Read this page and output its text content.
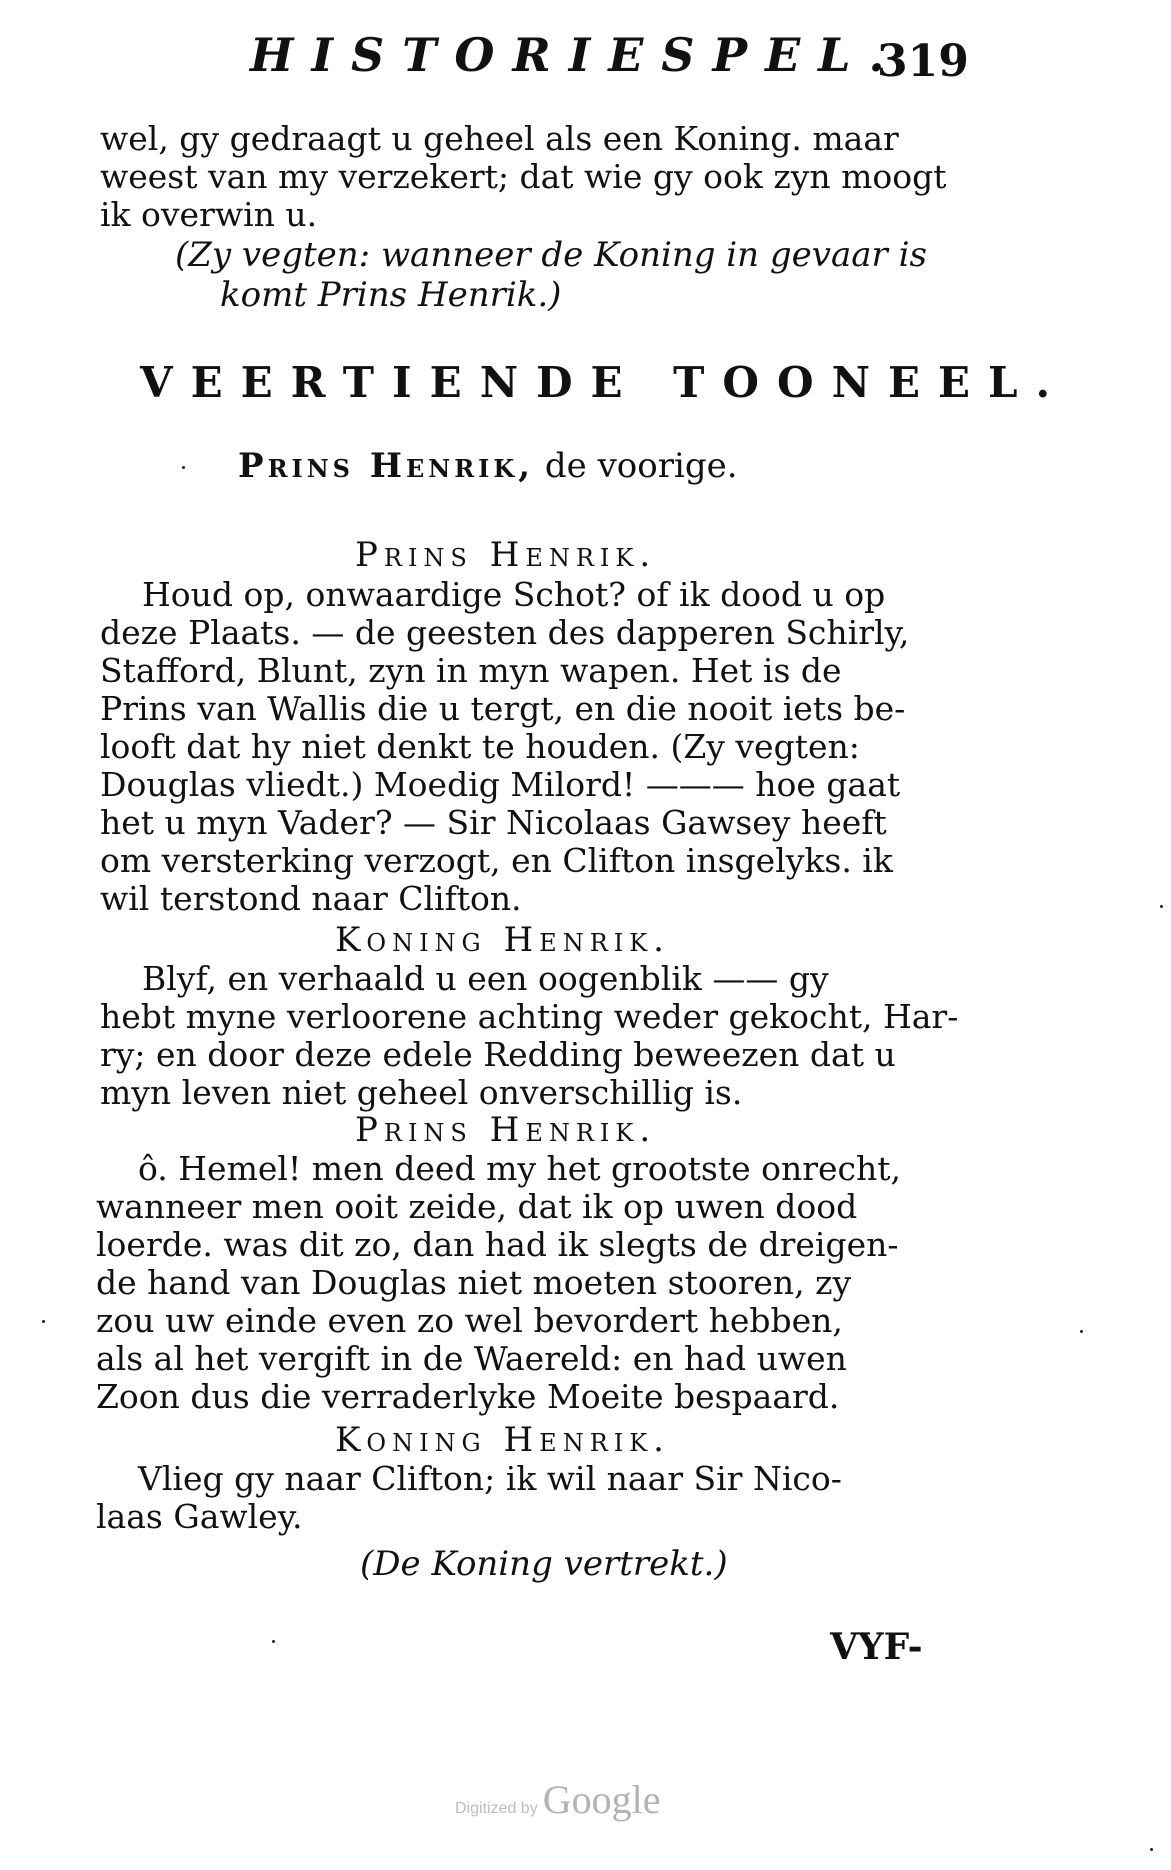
HISTORIESPEL.
319
wel, gy gedraagt u geheel als een Koning. maar
weest van my verzekert; dat wie gy ook zyn moogt
ik overwin u.
(Zy vegten: wanneer de Koning in gevaar is
komt Prins Henrik.)
VEERTIENDE TOONEEL.
Prins Henrik, de voorige.
Prins Henrik.
Houd op, onwaardige Schot? of ik dood u op
deze Plaats. — de geesten des dapperen Schirly,
Stafford, Blunt, zyn in myn wapen. Het is de
Prins van Wallis die u tergt, en die nooit iets be-
looft dat hy niet denkt te houden. (Zy vegten:
Douglas vliedt.) Moedig Milord! ——— hoe gaat
het u myn Vader? — Sir Nicolaas Gawsey heeft
om versterking verzogt, en Clifton insgelyks. ik
wil terstond naar Clifton.
Koning Henrik.
Blyf, en verhaald u een oogenblik —— gy
hebt myne verloorene achting weder gekocht, Har-
ry; en door deze edele Redding beweezen dat u
myn leven niet geheel onverschillig is.
Prins Henrik.
ô. Hemel! men deed my het grootste onrecht,
wanneer men ooit zeide, dat ik op uwen dood
loerde. was dit zo, dan had ik slegts de dreigen-
de hand van Douglas niet moeten stooren, zy
zou uw einde even zo wel bevordert hebben,
als al het vergift in de Waereld: en had uwen
Zoon dus die verraderlyke Moeite bespaard.
Koning Henrik.
Vlieg gy naar Clifton; ik wil naar Sir Nico-
laas Gawley.
(De Koning vertrekt.)
VYF-
Digitized by Google
